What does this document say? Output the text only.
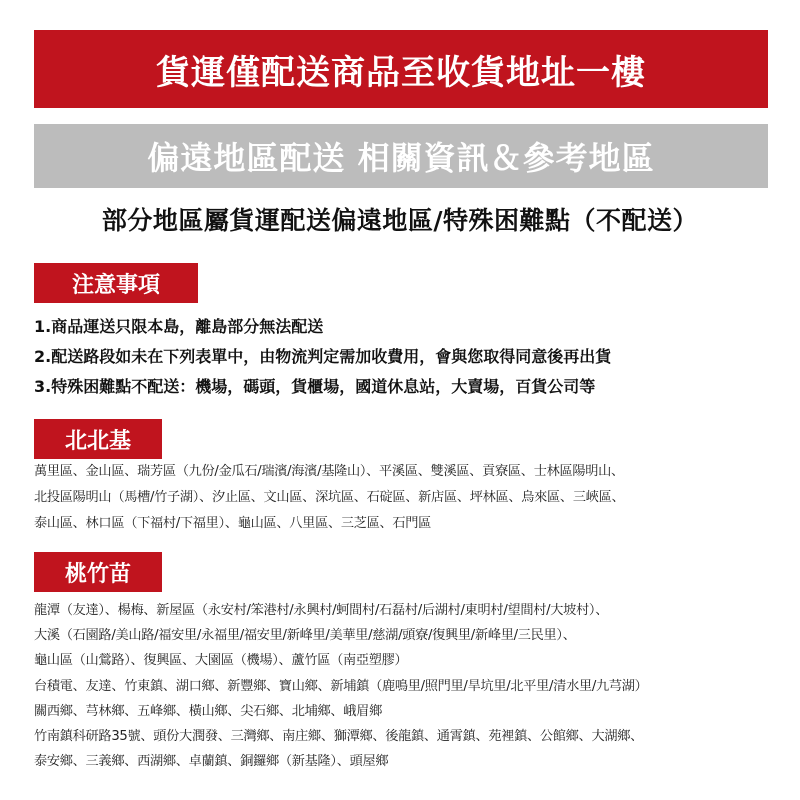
貨運僅配送商品至收貨地址一樓
偏遠地區配送 相關資訊＆參考地區
部分地區屬貨運配送偏遠地區/特殊困難點（不配送）
注意事項
1.商品運送只限本島，離島部分無法配送
2.配送路段如未在下列表單中，由物流判定需加收費用，會與您取得同意後再出貨
3.特殊困難點不配送：機場，碼頭，貨櫃場，國道休息站，大賣場，百貨公司等
北北基
萬里區、金山區、瑞芳區（九份/金瓜石/瑞濱/海濱/基隆山）、平溪區、雙溪區、貢寮區、士林區陽明山、
北投區陽明山（馬槽/竹子湖）、汐止區、文山區、深坑區、石碇區、新店區、坪林區、烏來區、三峽區、
泰山區、林口區（下福村/下福里）、龜山區、八里區、三芝區、石門區
桃竹苗
龍潭（友達）、楊梅、新屋區（永安村/笨港村/永興村/蚵間村/石磊村/后湖村/東明村/望間村/大坡村）、
大溪（石園路/美山路/福安里/永福里/福安里/新峰里/美華里/慈湖/頭寮/復興里/新峰里/三民里）、
龜山區（山鶯路）、復興區、大園區（機場）、蘆竹區（南亞塑膠）
台積電、友達、竹東鎮、湖口鄉、新豐鄉、寶山鄉、新埔鎮（鹿鳴里/照門里/旱坑里/北平里/清水里/九芎湖）
關西鄉、芎林鄉、五峰鄉、橫山鄉、尖石鄉、北埔鄉、峨眉鄉
竹南鎮科研路35號、頭份大潤發、三灣鄉、南庄鄉、獅潭鄉、後龍鎮、通霄鎮、苑裡鎮、公館鄉、大湖鄉、
泰安鄉、三義鄉、西湖鄉、卓蘭鎮、銅鑼鄉（新基隆）、頭屋鄉
